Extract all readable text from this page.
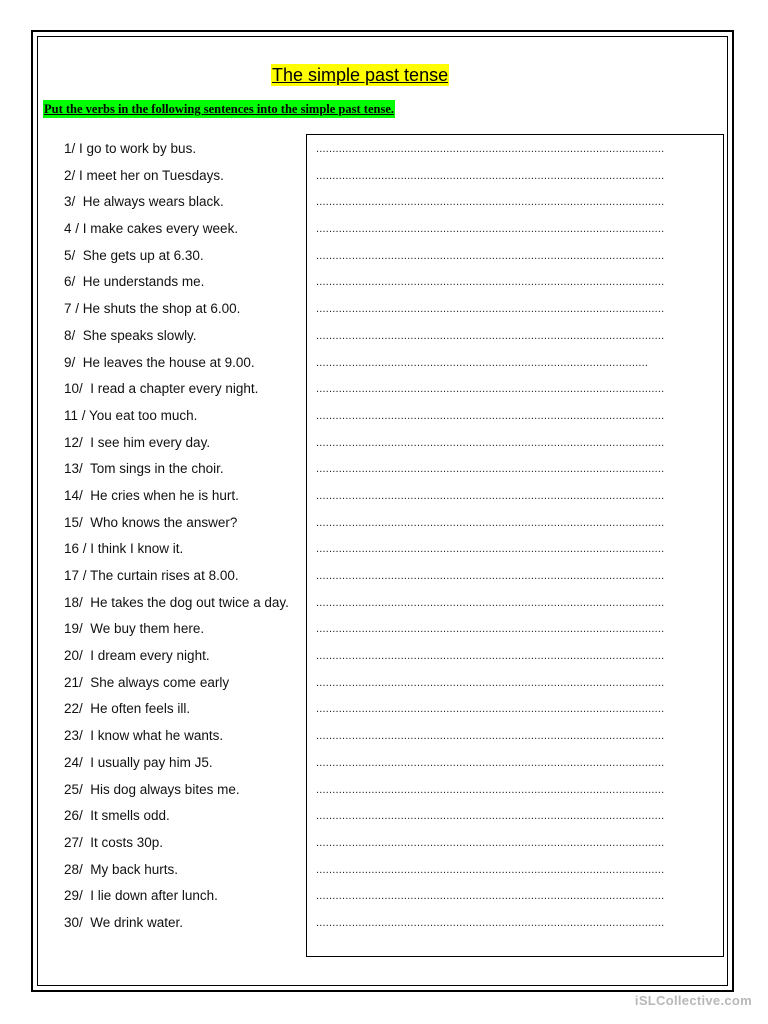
The simple past tense
Put the verbs in the following sentences into the simple past tense.
1/ I go to work by bus.
2/ I meet her on Tuesdays.
3/  He always wears black.
4 / I make cakes every week.
5/  She gets up at 6.30.
6/  He understands me.
7 / He shuts the shop at 6.00.
8/  She speaks slowly.
9/  He leaves the house at 9.00.
10/  I read a chapter every night.
11 / You eat too much.
12/  I see him every day.
13/  Tom sings in the choir.
14/  He cries when he is hurt.
15/  Who knows the answer?
16 / I think I know it.
17 / The curtain rises at 8.00.
18/  He takes the dog out twice a day.
19/  We buy them here.
20/  I dream every night.
21/  She always come early
22/  He often feels ill.
23/  I know what he wants.
24/  I usually pay him J5.
25/  His dog always bites me.
26/  It smells odd.
27/  It costs 30p.
28/  My back hurts.
29/  I lie down after lunch.
30/  We drink water.
...........................................................................................................
...........................................................................................................
...........................................................................................................
...........................................................................................................
...........................................................................................................
...........................................................................................................
...........................................................................................................
...........................................................................................................
......................................................................................................
...........................................................................................................
...........................................................................................................
...........................................................................................................
...........................................................................................................
...........................................................................................................
...........................................................................................................
...........................................................................................................
...........................................................................................................
...........................................................................................................
...........................................................................................................
...........................................................................................................
...........................................................................................................
...........................................................................................................
...........................................................................................................
...........................................................................................................
...........................................................................................................
...........................................................................................................
...........................................................................................................
...........................................................................................................
...........................................................................................................
...........................................................................................................
iSLCollective.com
